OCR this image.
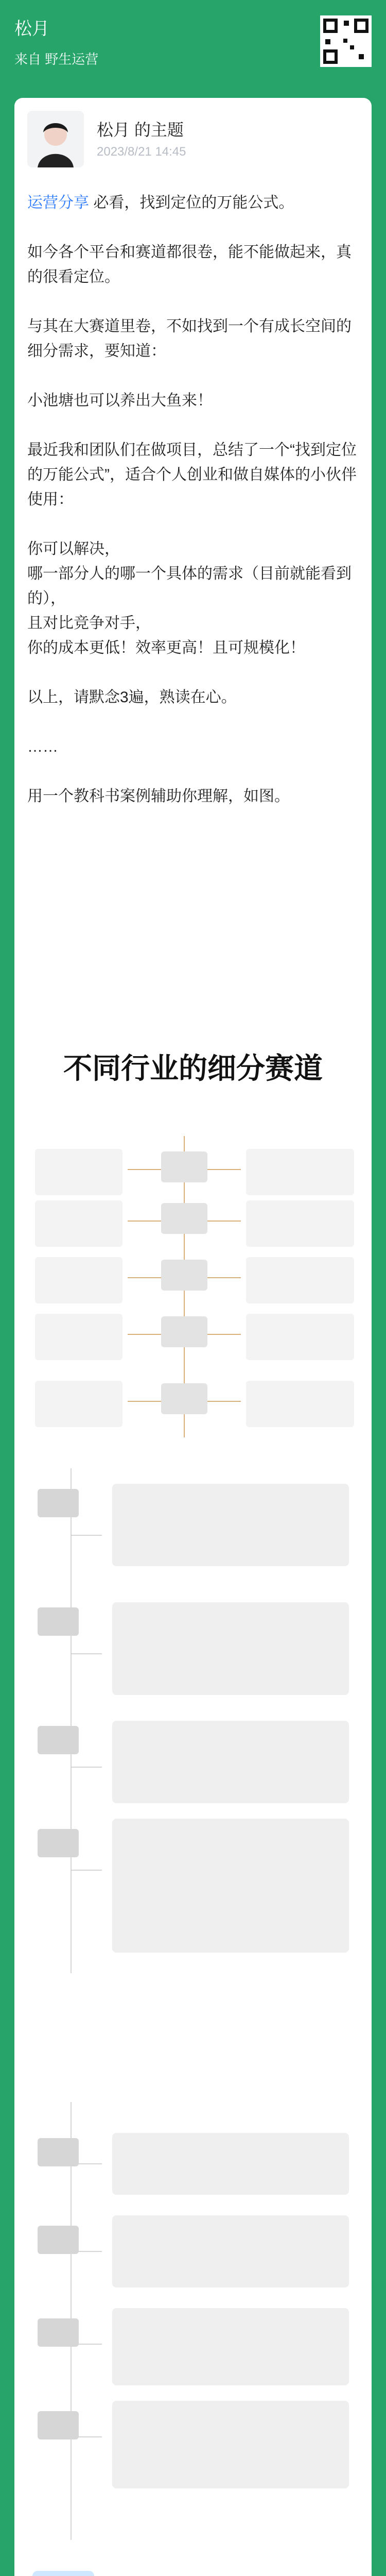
松月
来自 野生运营
松月 的主题
2023/8/21 14:45

运营分享 必看，找到定位的万能公式。

如今各个平台和赛道都很卷，能不能做起来，真的很看定位。

与其在大赛道里卷，不如找到一个有成长空间的细分需求，要知道：

小池塘也可以养出大鱼来！

最近我和团队们在做项目，总结了一个“找到定位的万能公式”，适合个人创业和做自媒体的小伙伴使用：

你可以解决，
哪一部分人的哪一个具体的需求（目前就能看到的），
且对比竞争对手，
你的成本更低！效率更高！且可规模化！

以上，请默念3遍，熟读在心。

……

用一个教科书案例辅助你理解，如图。

不同行业的细分赛道
